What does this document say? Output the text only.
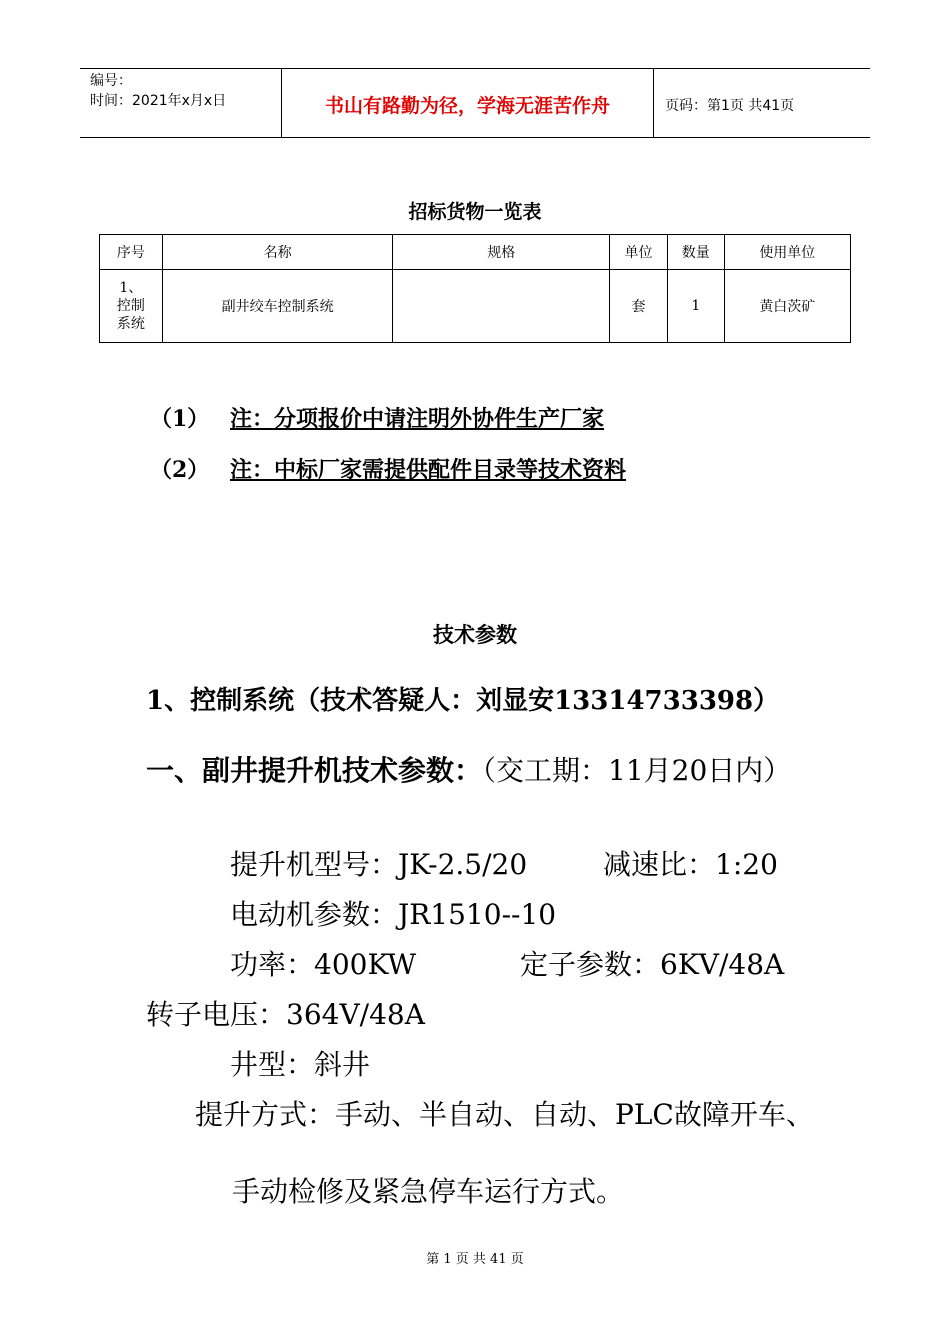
编号：
时间：2021年x月x日	书山有路勤为径，学海无涯苦作舟	页码：第1页 共41页
招标货物一览表
序号	名称	规格	单位	数量	使用单位

1、
控制
系统	副井绞车控制系统		套	1	黄白茨矿
（1） 注：分项报价中请注明外协件生产厂家
（2） 注：中标厂家需提供配件目录等技术资料
技术参数
1、控制系统（技术答疑人：刘显安13314733398）
一、副井提升机技术参数：（交工期：11月20日内）
提升机型号：JK-2.5/20	减速比：1:20
电动机参数：JR1510--10
功率：400KW	定子参数：6KV/48A
转子电压：364V/48A
井型：斜井
提升方式：手动、半自动、自动、PLC故障开车、
手动检修及紧急停车运行方式。
第 1 页 共 41 页
